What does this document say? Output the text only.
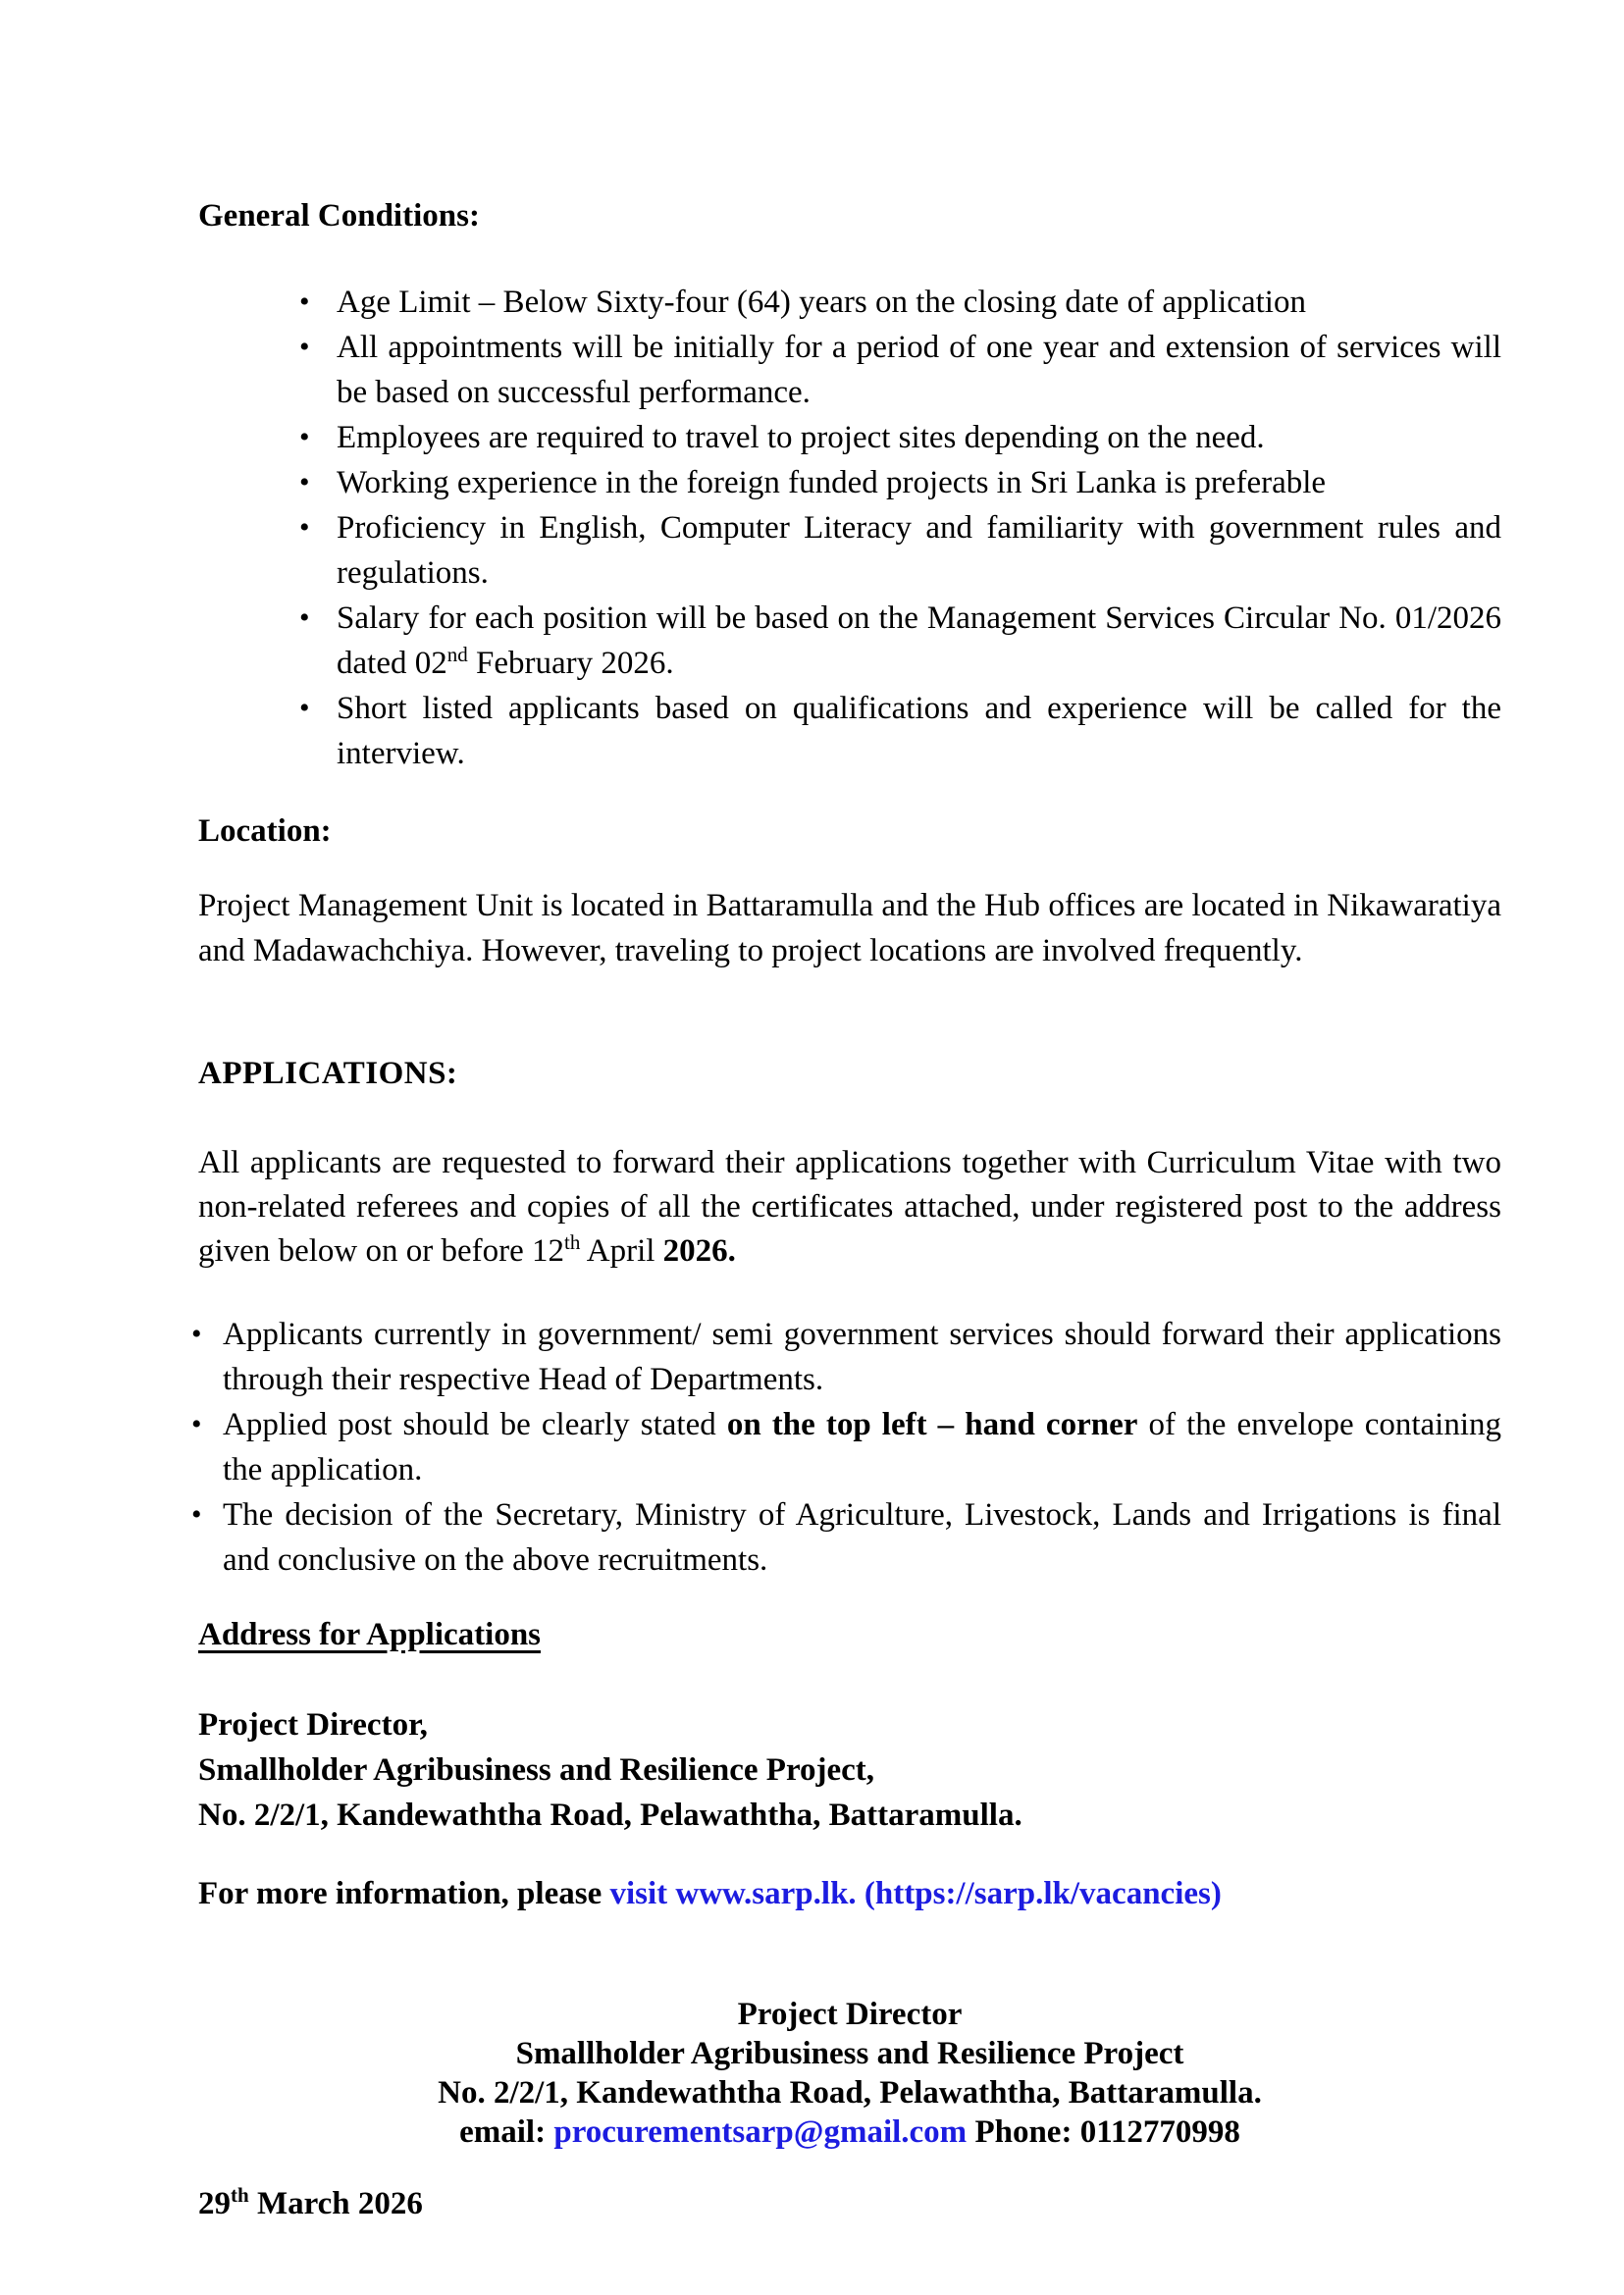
General Conditions:
• Age Limit – Below Sixty-four (64) years on the closing date of application
• All appointments will be initially for a period of one year and extension of services will be based on successful performance.
• Employees are required to travel to project sites depending on the need.
• Working experience in the foreign funded projects in Sri Lanka is preferable
• Proficiency in English, Computer Literacy and familiarity with government rules and regulations.
• Salary for each position will be based on the Management Services Circular No. 01/2026 dated 02nd February 2026.
• Short listed applicants based on qualifications and experience will be called for the interview.
Location:
Project Management Unit is located in Battaramulla and the Hub offices are located in Nikawaratiya and Madawachchiya. However, traveling to project locations are involved frequently.
APPLICATIONS:
All applicants are requested to forward their applications together with Curriculum Vitae with two non-related referees and copies of all the certificates attached, under registered post to the address given below on or before 12th April 2026.
• Applicants currently in government/ semi government services should forward their applications through their respective Head of Departments.
• Applied post should be clearly stated on the top left – hand corner of the envelope containing the application.
• The decision of the Secretary, Ministry of Agriculture, Livestock, Lands and Irrigations is final and conclusive on the above recruitments.
Address for Applications
Project Director,
Smallholder Agribusiness and Resilience Project,
No. 2/2/1, Kandewaththa Road, Pelawaththa, Battaramulla.
For more information, please visit www.sarp.lk. (https://sarp.lk/vacancies)
Project Director
Smallholder Agribusiness and Resilience Project
No. 2/2/1, Kandewaththa Road, Pelawaththa, Battaramulla.
email: procurementsarp@gmail.com Phone: 0112770998
29th March 2026
